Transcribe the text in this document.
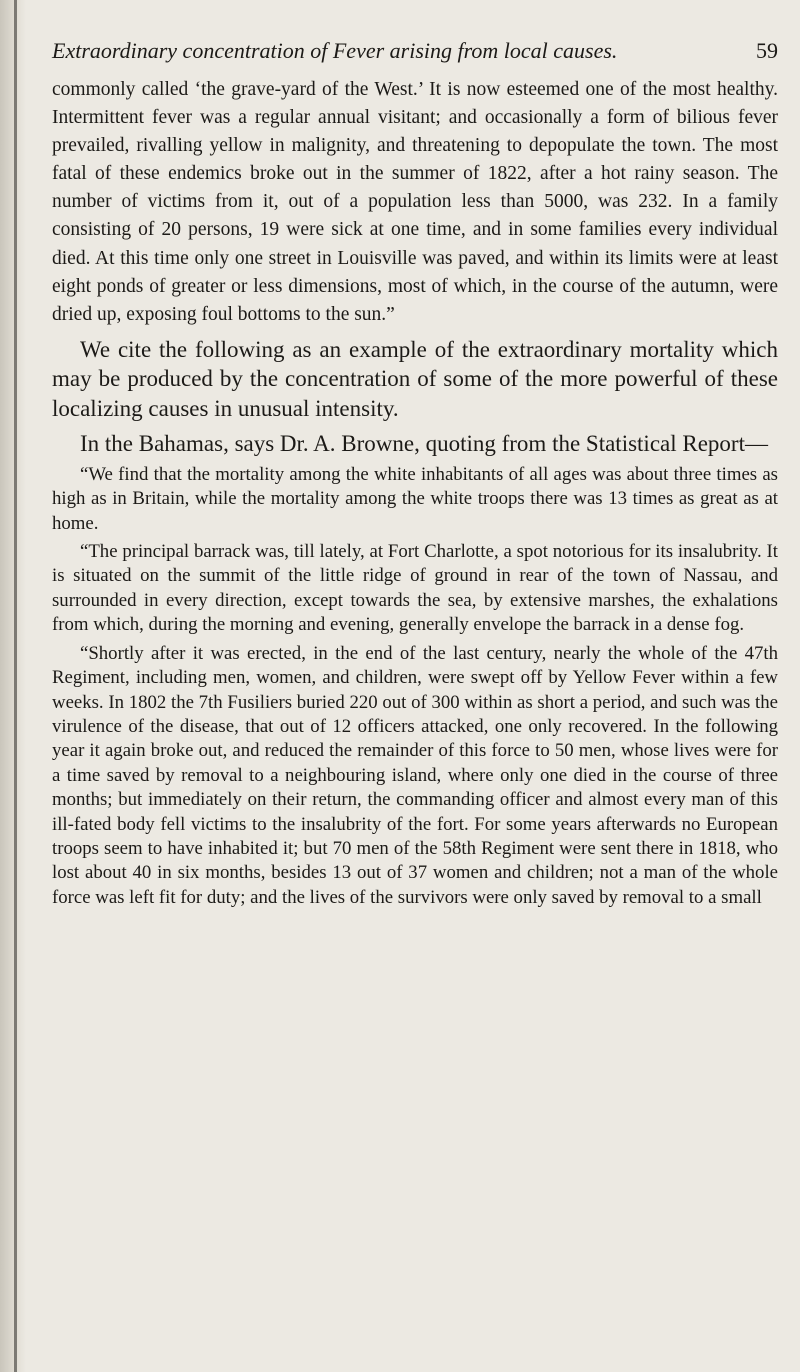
Extraordinary concentration of Fever arising from local causes.	59

commonly called ‘the grave-yard of the West.’ It is now esteemed one of the most healthy. Intermittent fever was a regular annual visitant; and occasionally a form of bilious fever prevailed, rivalling yellow in malignity, and threatening to depopulate the town. The most fatal of these endemics broke out in the summer of 1822, after a hot rainy season. The number of victims from it, out of a population less than 5000, was 232. In a family consisting of 20 persons, 19 were sick at one time, and in some families every individual died. At this time only one street in Louisville was paved, and within its limits were at least eight ponds of greater or less dimensions, most of which, in the course of the autumn, were dried up, exposing foul bottoms to the sun.”

We cite the following as an example of the extraordinary mortality which may be produced by the concentration of some of the more powerful of these localizing causes in unusual intensity.

In the Bahamas, says Dr. A. Browne, quoting from the Statistical Report—

“We find that the mortality among the white inhabitants of all ages was about three times as high as in Britain, while the mortality among the white troops there was 13 times as great as at home.

“The principal barrack was, till lately, at Fort Charlotte, a spot notorious for its insalubrity. It is situated on the summit of the little ridge of ground in rear of the town of Nassau, and surrounded in every direction, except towards the sea, by extensive marshes, the exhalations from which, during the morning and evening, generally envelope the barrack in a dense fog.

“Shortly after it was erected, in the end of the last century, nearly the whole of the 47th Regiment, including men, women, and children, were swept off by Yellow Fever within a few weeks. In 1802 the 7th Fusiliers buried 220 out of 300 within as short a period, and such was the virulence of the disease, that out of 12 officers attacked, one only recovered. In the following year it again broke out, and reduced the remainder of this force to 50 men, whose lives were for a time saved by removal to a neighbouring island, where only one died in the course of three months; but immediately on their return, the commanding officer and almost every man of this ill-fated body fell victims to the insalubrity of the fort. For some years afterwards no European troops seem to have inhabited it; but 70 men of the 58th Regiment were sent there in 1818, who lost about 40 in six months, besides 13 out of 37 women and children; not a man of the whole force was left fit for duty; and the lives of the survivors were only saved by removal to a small
